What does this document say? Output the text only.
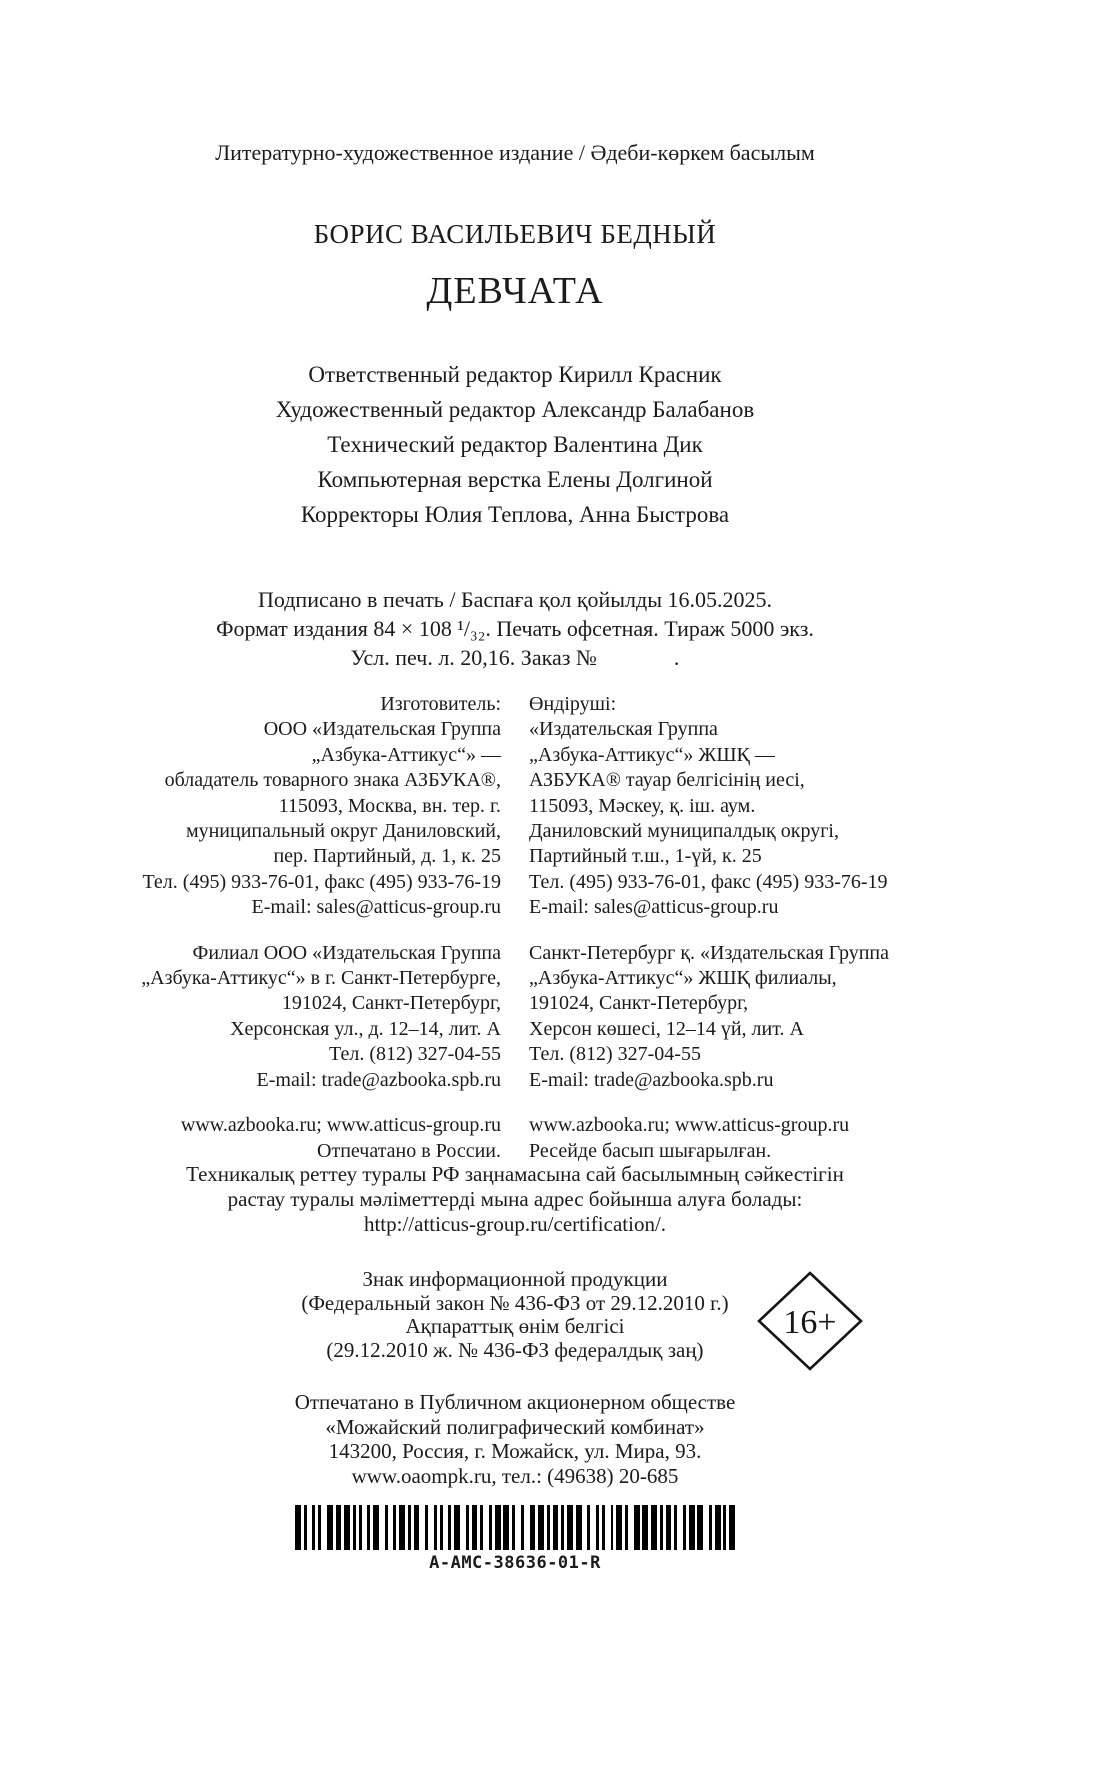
Литературно-художественное издание / Әдеби-көркем басылым
БОРИС ВАСИЛЬЕВИЧ БЕДНЫЙ
ДЕВЧАТА
Ответственный редактор Кирилл Красник
Художественный редактор Александр Балабанов
Технический редактор Валентина Дик
Компьютерная верстка Елены Долгиной
Корректоры Юлия Теплова, Анна Быстрова
Подписано в печать / Баспаға қол қойылды 16.05.2025.
Формат издания 84 × 108 ¹/₃₂. Печать офсетная. Тираж 5000 экз.
Усл. печ. л. 20,16. Заказ №              .

Изготовитель:
ООО «Издательская Группа
„Азбука-Аттикус“» —
обладатель товарного знака АЗБУКА®,
115093, Москва, вн. тер. г.
муниципальный округ Даниловский,
пер. Партийный, д. 1, к. 25
Тел. (495) 933-76-01, факс (495) 933-76-19
E-mail: sales@atticus-group.ru

Филиал ООО «Издательская Группа
„Азбука-Аттикус“» в г. Санкт-Петербурге,
191024, Санкт-Петербург,
Херсонская ул., д. 12–14, лит. А
Тел. (812) 327-04-55
E-mail: trade@azbooka.spb.ru

www.azbooka.ru; www.atticus-group.ru
Отпечатано в России.

Өндіруші:
«Издательская Группа
„Азбука-Аттикус“» ЖШҚ —
АЗБУКА® тауар белгісінің иесі,
115093, Мәскеу, қ. іш. аум.
Даниловский муниципалдық округі,
Партийный т.ш., 1-үй, к. 25
Тел. (495) 933-76-01, факс (495) 933-76-19
E-mail: sales@atticus-group.ru

Санкт-Петербург қ. «Издательская Группа
„Азбука-Аттикус“» ЖШҚ филиалы,
191024, Санкт-Петербург,
Херсон көшесі, 12–14 үй, лит. А
Тел. (812) 327-04-55
E-mail: trade@azbooka.spb.ru

www.azbooka.ru; www.atticus-group.ru
Ресейде басып шығарылған.

Техникалық реттеу туралы РФ заңнамасына сай басылымның сәйкестігін
растау туралы мәліметтерді мына адрес бойынша алуға болады:
http://atticus-group.ru/certification/.
Знак информационной продукции
(Федеральный закон № 436-ФЗ от 29.12.2010 г.)
Ақпараттық өнім белгісі
(29.12.2010 ж. № 436-ФЗ федералдық заң)
Отпечатано в Публичном акционерном обществе
«Можайский полиграфический комбинат»
143200, Россия, г. Можайск, ул. Мира, 93.
www.oaompk.ru, тел.: (49638) 20-685
A-AMC-38636-01-R
16+
